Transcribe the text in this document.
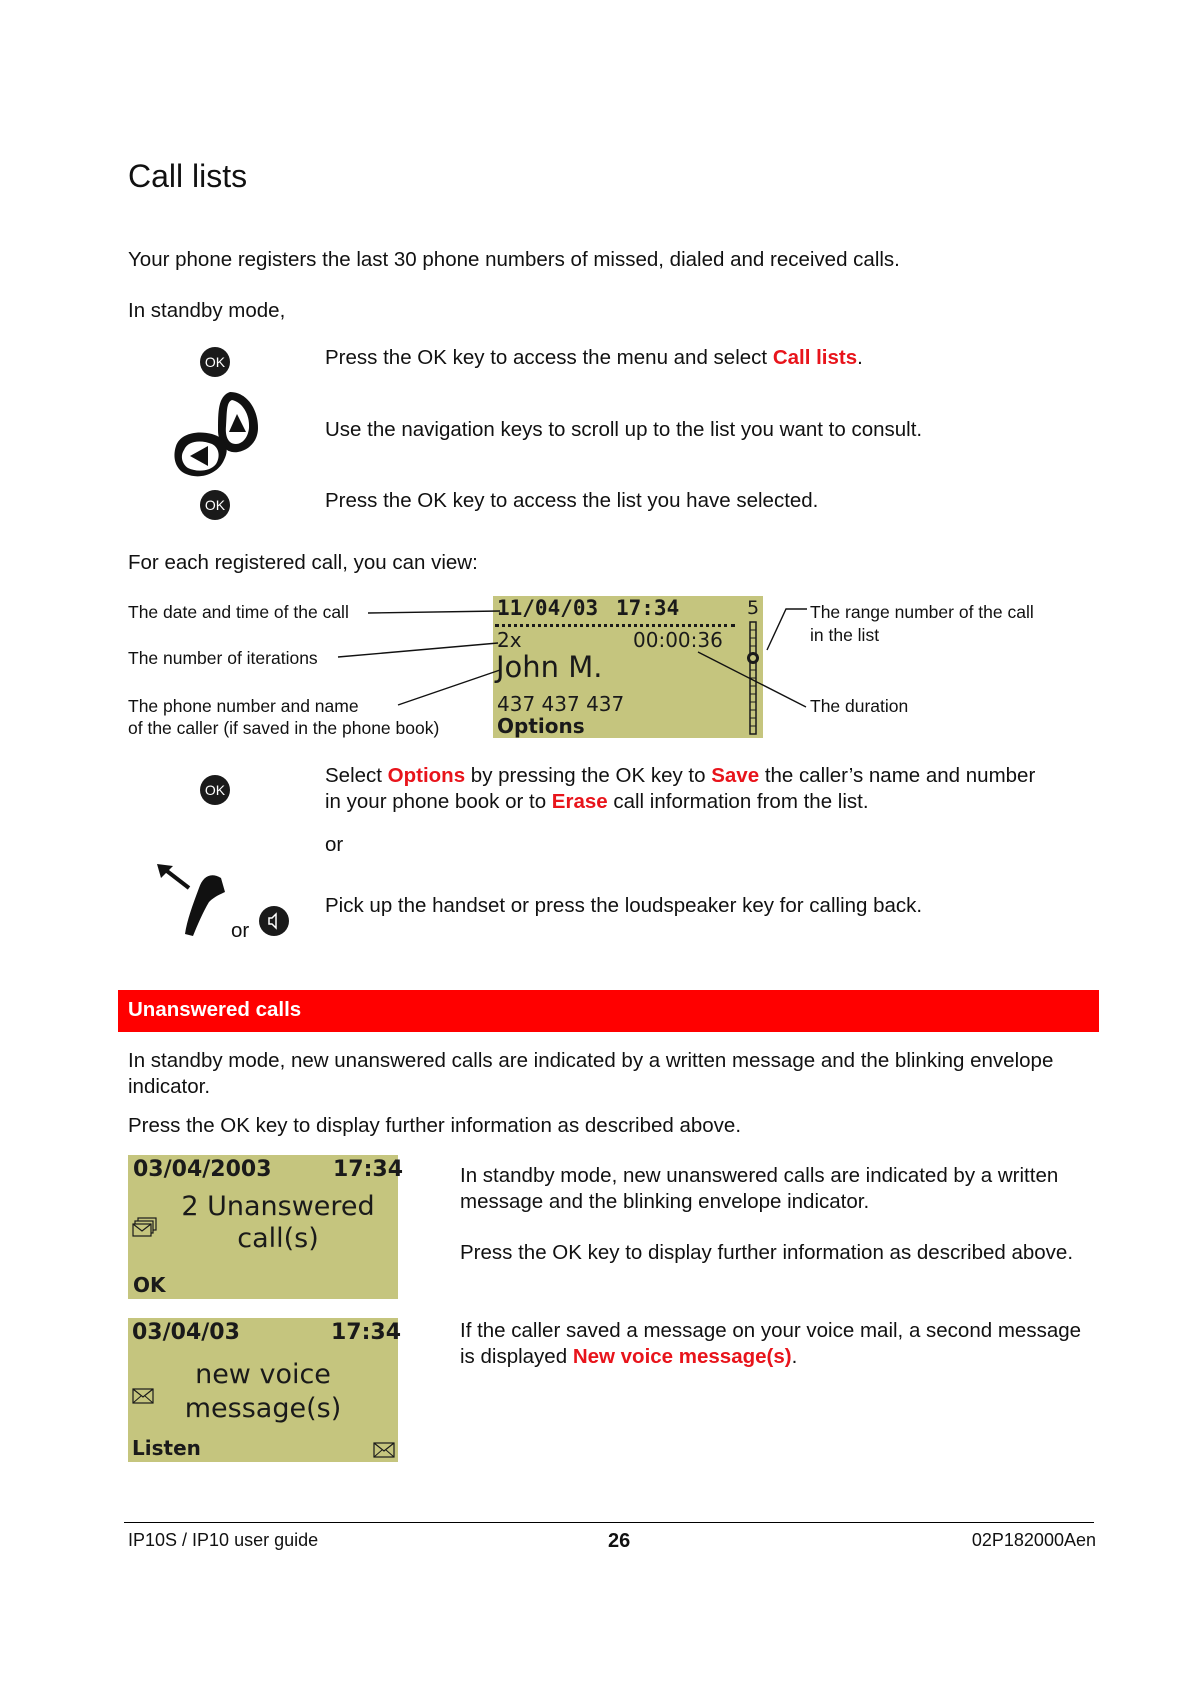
Call lists
Your phone registers the last 30 phone numbers of missed, dialed and received calls.
In standby mode,
OK	Press the OK key to access the menu and select Call lists.
Use the navigation keys to scroll up to the list you want to consult.
OK	Press the OK key to access the list you have selected.
For each registered call, you can view:
The date and time of the call
The number of iterations
The phone number and name
of the caller (if saved in the phone book)
The range number of the call
in the list
The duration
11/04/03 17:34	5
2x	00:00:36
John M.
437 437 437
Options
OK
Select Options by pressing the OK key to Save the caller’s name and number
in your phone book or to Erase call information from the list.
or
or
Pick up the handset or press the loudspeaker key for calling back.
Unanswered calls
In standby mode, new unanswered calls are indicated by a written message and the blinking envelope indicator.
Press the OK key to display further information as described above.
03/04/2003	17:34
2 Unanswered
call(s)
OK
03/04/03	17:34
new voice
message(s)
Listen
In standby mode, new unanswered calls are indicated by a written message and the blinking envelope indicator.
Press the OK key to display further information as described above.
If the caller saved a message on your voice mail, a second message is displayed New voice message(s).
IP10S / IP10 user guide	26	02P182000Aen
